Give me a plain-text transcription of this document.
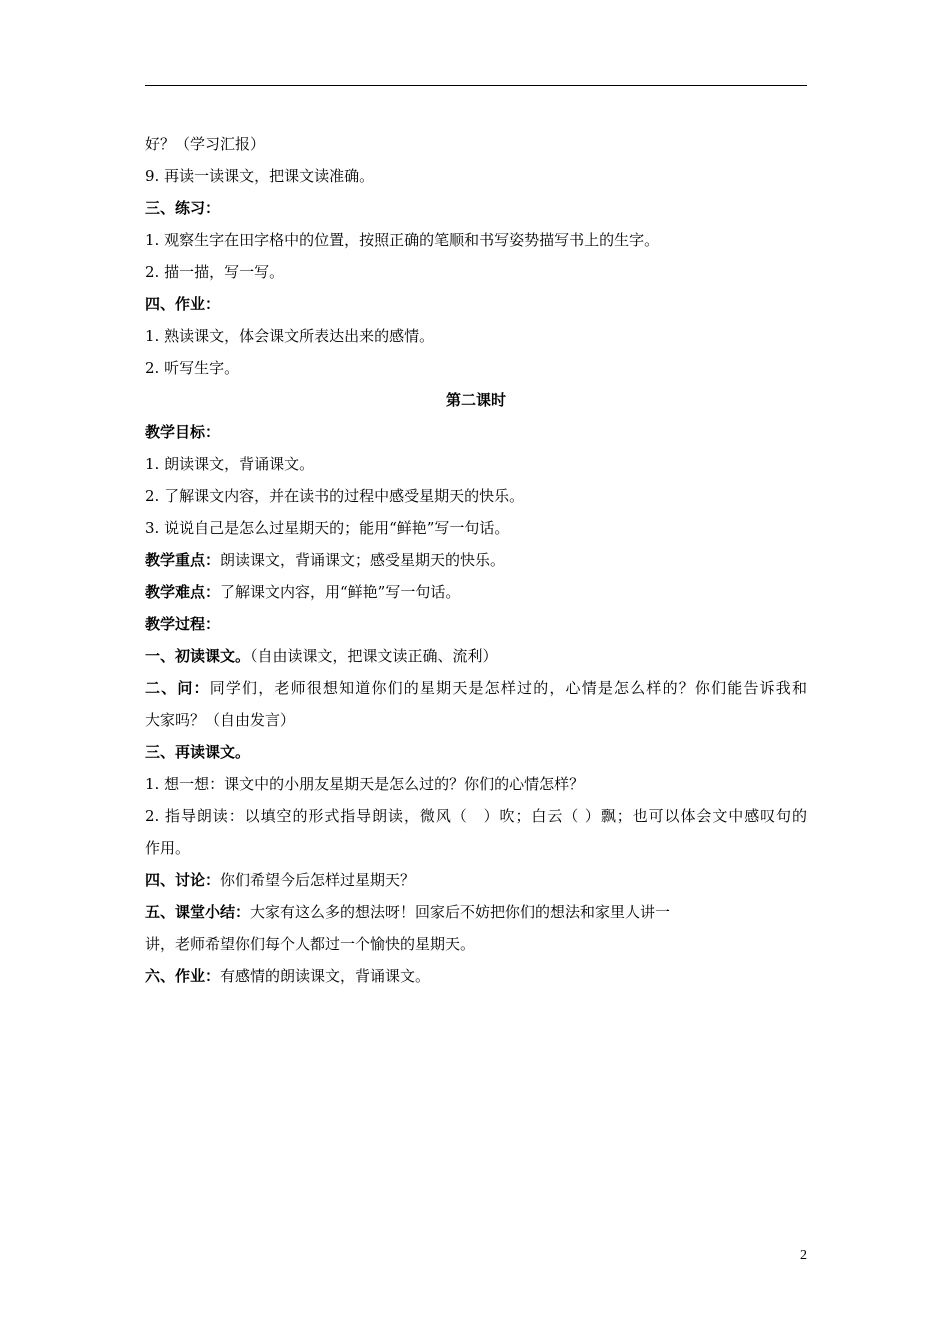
好？（学习汇报）
9. 再读一读课文，把课文读准确。
三、练习：
1. 观察生字在田字格中的位置，按照正确的笔顺和书写姿势描写书上的生字。
2. 描一描，写一写。
四、作业：
1. 熟读课文，体会课文所表达出来的感情。
2. 听写生字。
第二课时
教学目标：
1. 朗读课文，背诵课文。
2. 了解课文内容，并在读书的过程中感受星期天的快乐。
3. 说说自己是怎么过星期天的；能用“鲜艳”写一句话。
教学重点：朗读课文，背诵课文；感受星期天的快乐。
教学难点：了解课文内容，用“鲜艳”写一句话。
教学过程：
一、初读课文。（自由读课文，把课文读正确、流利）
二、问：同学们，老师很想知道你们的星期天是怎样过的，心情是怎么样的？你们能告诉我和
大家吗？（自由发言）
三、再读课文。
1. 想一想：课文中的小朋友星期天是怎么过的？你们的心情怎样？
2. 指导朗读：以填空的形式指导朗读，微风（　）吹；白云（ ）飘；也可以体会文中感叹句的
作用。
四、讨论：你们希望今后怎样过星期天？
五、课堂小结：大家有这么多的想法呀！回家后不妨把你们的想法和家里人讲一
讲，老师希望你们每个人都过一个愉快的星期天。
六、作业：有感情的朗读课文，背诵课文。
2
